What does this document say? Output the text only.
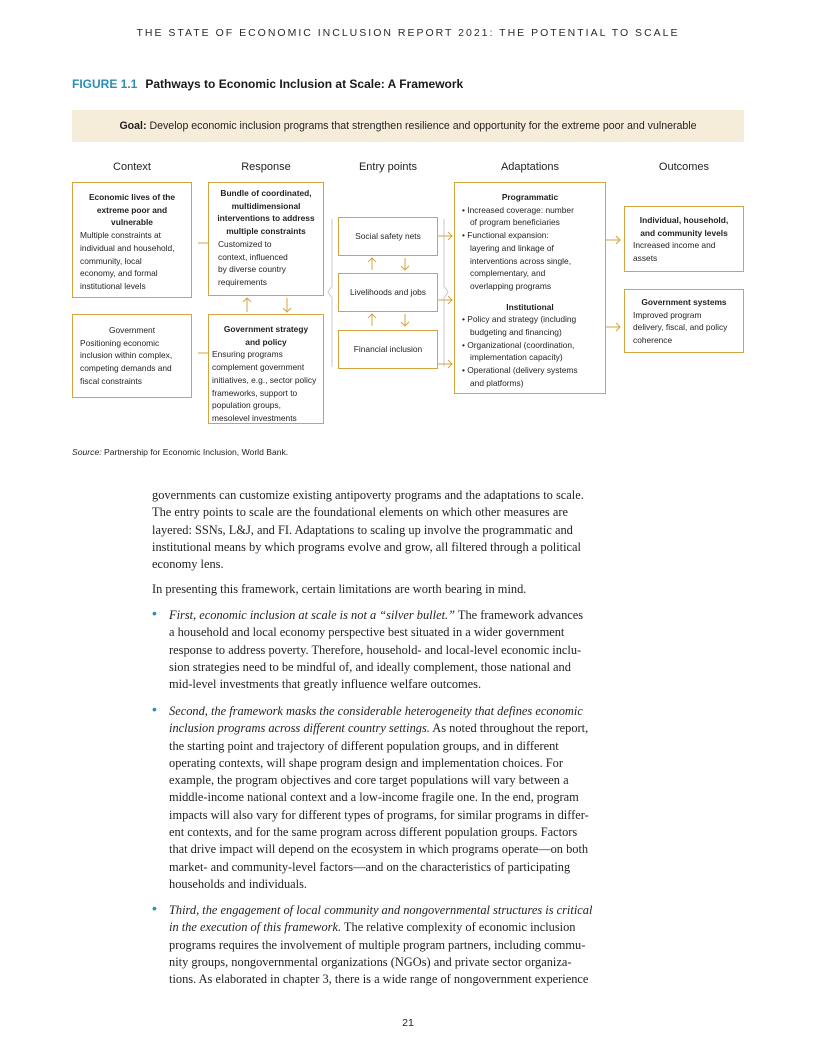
THE STATE OF ECONOMIC INCLUSION REPORT 2021: THE POTENTIAL TO SCALE
FIGURE 1.1 Pathways to Economic Inclusion at Scale: A Framework
Goal: Develop economic inclusion programs that strengthen resilience and opportunity for the extreme poor and vulnerable
Context	Response	Entry points	Adaptations	Outcomes
Economic lives of the
extreme poor and
vulnerable
Multiple constraints at
individual and household,
community, local
economy, and formal
institutional levels
Government
Positioning economic
inclusion within complex,
competing demands and
fiscal constraints
Bundle of coordinated,
multidimensional
interventions to address
multiple constraints
Customized to
context, influenced
by diverse country
requirements
Government strategy
and policy
Ensuring programs
complement government
initiatives, e.g., sector policy
frameworks, support to
population groups,
mesolevel investments
Social safety nets
Livelihoods and jobs
Financial inclusion
Programmatic
• Increased coverage: number
of program beneficiaries
• Functional expansion:
layering and linkage of
interventions across single,
complementary, and
overlapping programs
Institutional
• Policy and strategy (including
budgeting and financing)
• Organizational (coordination,
implementation capacity)
• Operational (delivery systems
and platforms)
Individual, household,
and community levels
Increased income and
assets
Government systems
Improved program
delivery, fiscal, and policy
coherence
Source: Partnership for Economic Inclusion, World Bank.
governments can customize existing antipoverty programs and the adaptations to scale.
The entry points to scale are the foundational elements on which other measures are
layered: SSNs, L&J, and FI. Adaptations to scaling up involve the programmatic and
institutional means by which programs evolve and grow, all filtered through a political
economy lens.
In presenting this framework, certain limitations are worth bearing in mind.
• First, economic inclusion at scale is not a “silver bullet.” The framework advances
a household and local economy perspective best situated in a wider government
response to address poverty. Therefore, household- and local-level economic inclu-
sion strategies need to be mindful of, and ideally complement, those national and
mid-level investments that greatly influence welfare outcomes.
• Second, the framework masks the considerable heterogeneity that defines economic
inclusion programs across different country settings. As noted throughout the report,
the starting point and trajectory of different population groups, and in different
operating contexts, will shape program design and implementation choices. For
example, the program objectives and core target populations will vary between a
middle-income national context and a low-income fragile one. In the end, program
impacts will also vary for different types of programs, for similar programs in differ-
ent contexts, and for the same program across different population groups. Factors
that drive impact will depend on the ecosystem in which programs operate—on both
market- and community-level factors—and on the characteristics of participating
households and individuals.
• Third, the engagement of local community and nongovernmental structures is critical
in the execution of this framework. The relative complexity of economic inclusion
programs requires the involvement of multiple program partners, including commu-
nity groups, nongovernmental organizations (NGOs) and private sector organiza-
tions. As elaborated in chapter 3, there is a wide range of nongovernment experience
21
